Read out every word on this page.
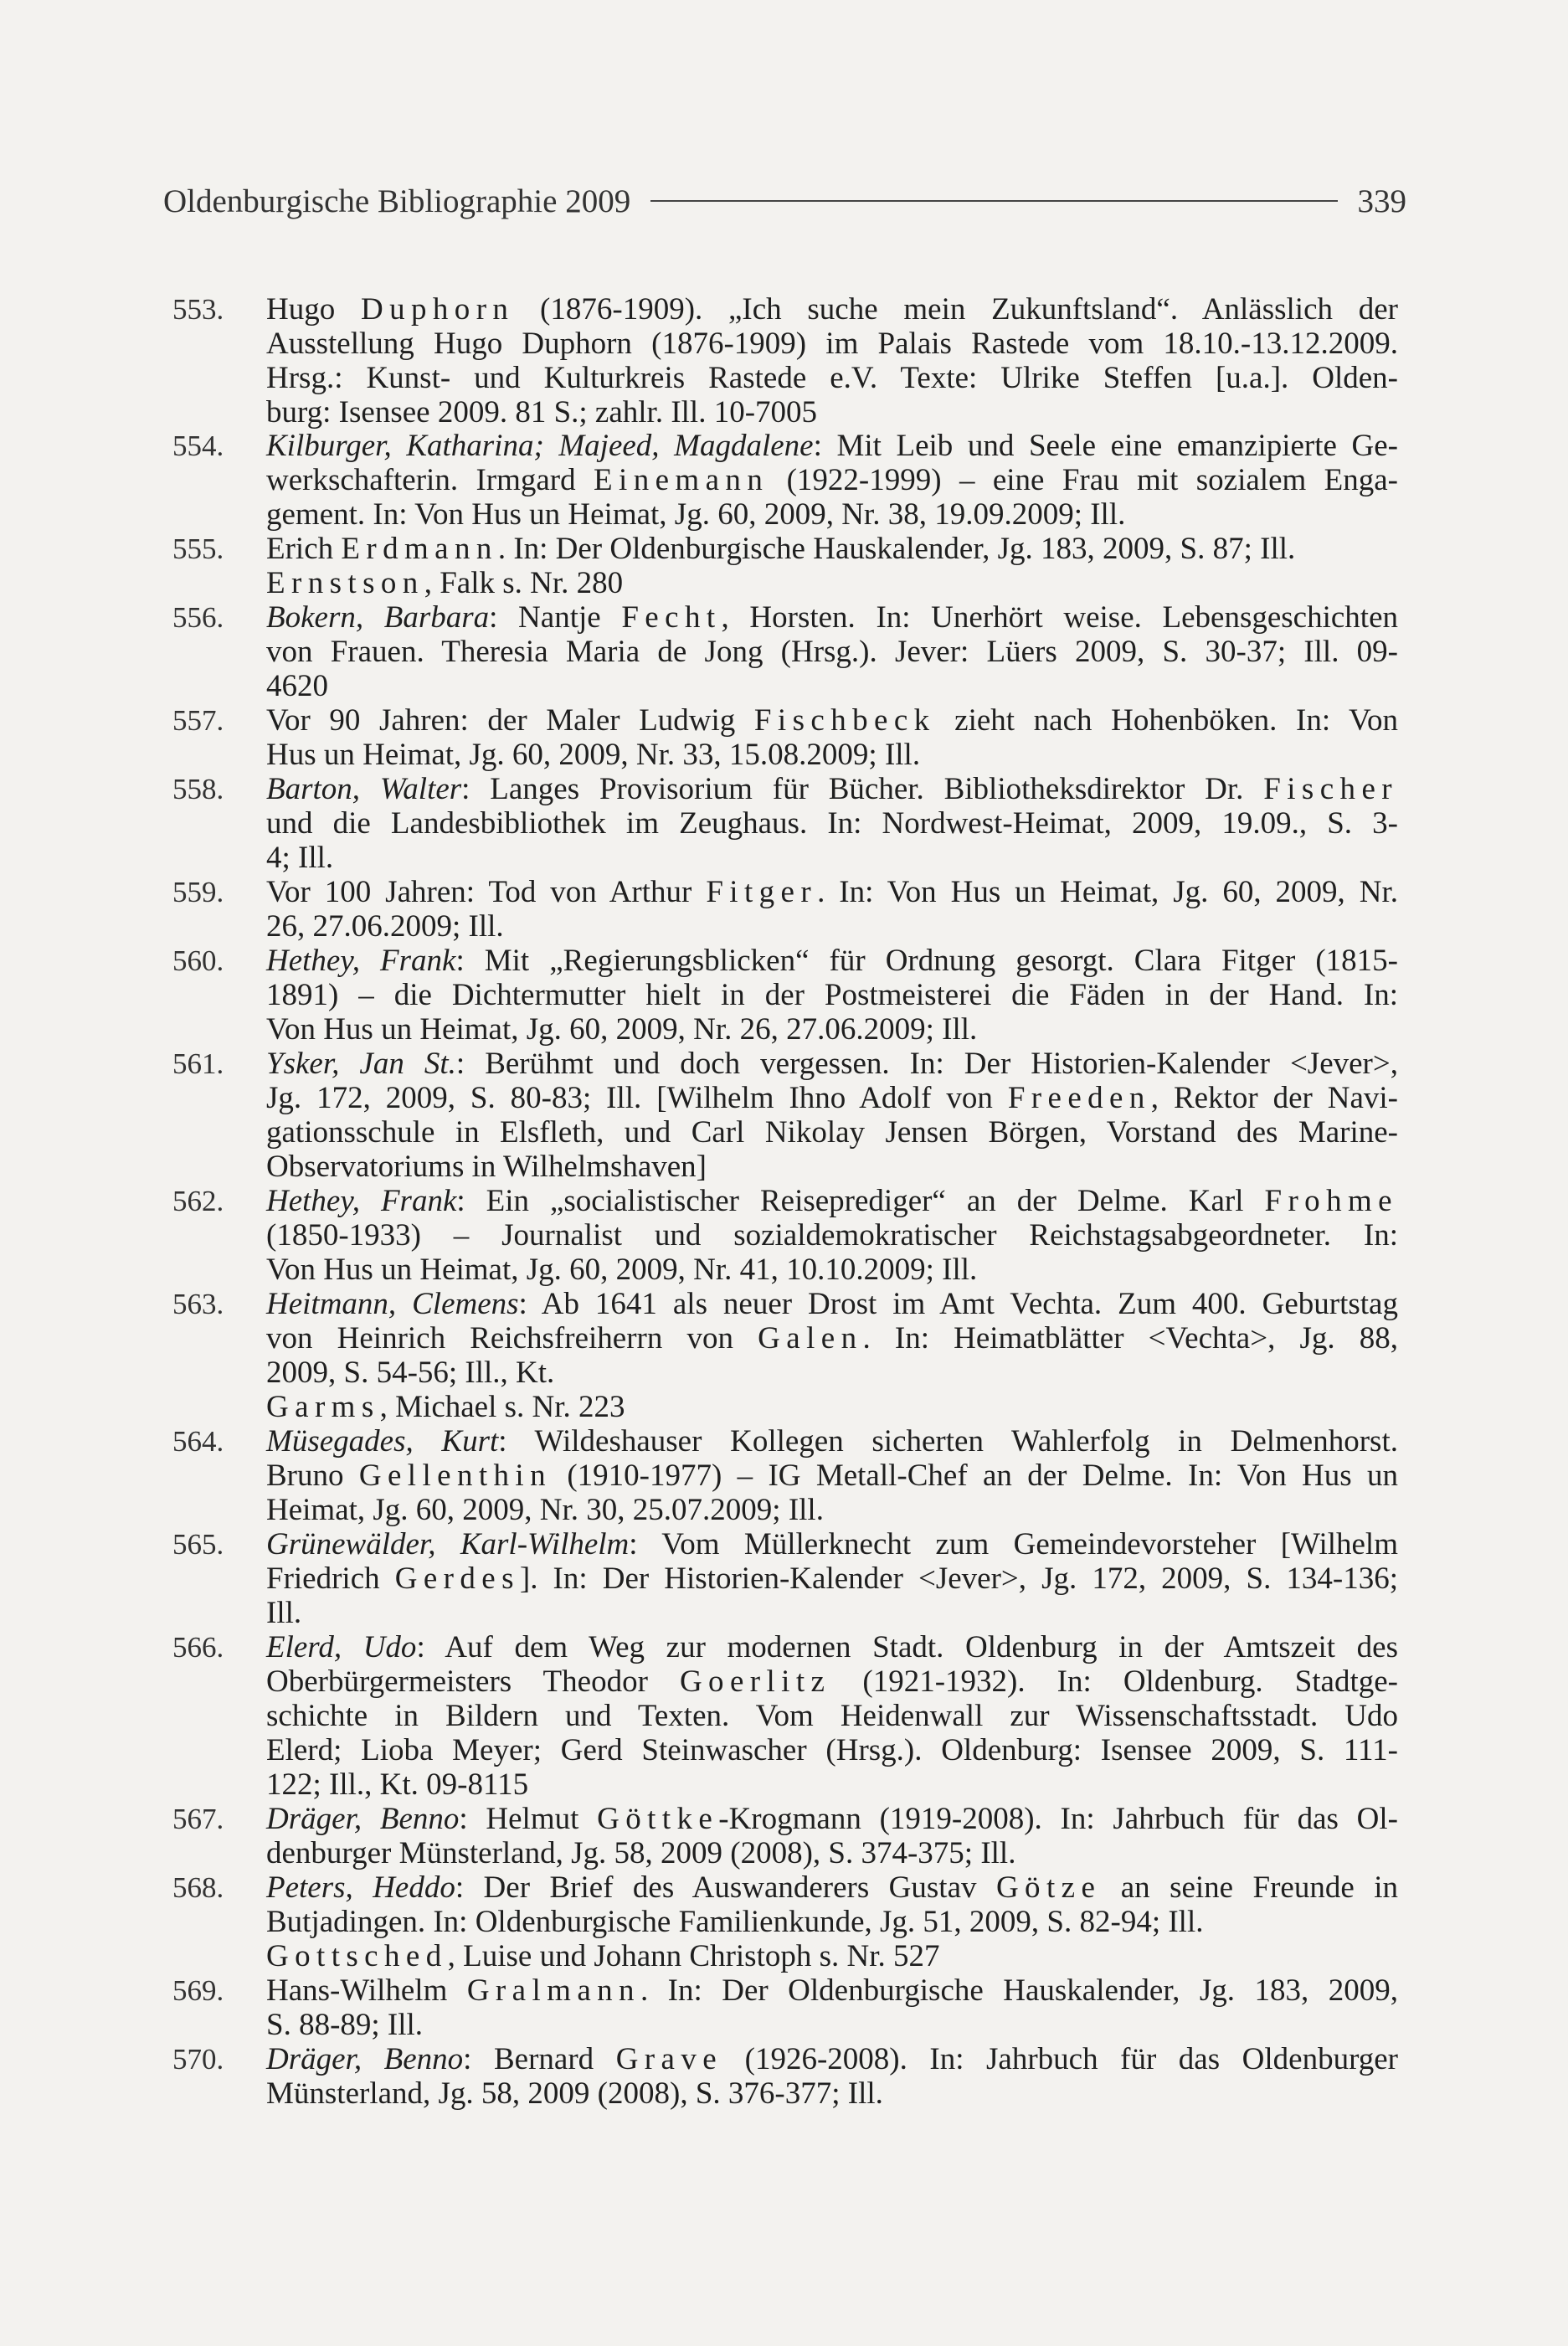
Oldenburgische Bibliographie 2009	339
553.	Hugo Duphorn (1876-1909). „Ich suche mein Zukunftsland“. Anlässlich der
Ausstellung Hugo Duphorn (1876-1909) im Palais Rastede vom 18.10.-13.12.2009.
Hrsg.: Kunst- und Kulturkreis Rastede e.V. Texte: Ulrike Steffen [u.a.]. Olden-
burg: Isensee 2009. 81 S.; zahlr. Ill. 10-7005
554.	Kilburger, Katharina; Majeed, Magdalene: Mit Leib und Seele eine emanzipierte Ge-
werkschafterin. Irmgard Einemann (1922-1999) – eine Frau mit sozialem Enga-
gement. In: Von Hus un Heimat, Jg. 60, 2009, Nr. 38, 19.09.2009; Ill.
555.	Erich Erdmann. In: Der Oldenburgische Hauskalender, Jg. 183, 2009, S. 87; Ill.
Ernstson, Falk s. Nr. 280
556.	Bokern, Barbara: Nantje Fecht, Horsten. In: Unerhört weise. Lebensgeschichten
von Frauen. Theresia Maria de Jong (Hrsg.). Jever: Lüers 2009, S. 30-37; Ill. 09-
4620
557.	Vor 90 Jahren: der Maler Ludwig Fischbeck zieht nach Hohenböken. In: Von
Hus un Heimat, Jg. 60, 2009, Nr. 33, 15.08.2009; Ill.
558.	Barton, Walter: Langes Provisorium für Bücher. Bibliotheksdirektor Dr. Fischer
und die Landesbibliothek im Zeughaus. In: Nordwest-Heimat, 2009, 19.09., S. 3-
4; Ill.
559.	Vor 100 Jahren: Tod von Arthur Fitger. In: Von Hus un Heimat, Jg. 60, 2009, Nr.
26, 27.06.2009; Ill.
560.	Hethey, Frank: Mit „Regierungsblicken“ für Ordnung gesorgt. Clara Fitger (1815-
1891) – die Dichtermutter hielt in der Postmeisterei die Fäden in der Hand. In:
Von Hus un Heimat, Jg. 60, 2009, Nr. 26, 27.06.2009; Ill.
561.	Ysker, Jan St.: Berühmt und doch vergessen. In: Der Historien-Kalender <Jever>,
Jg. 172, 2009, S. 80-83; Ill. [Wilhelm Ihno Adolf von Freeden, Rektor der Navi-
gationsschule in Elsfleth, und Carl Nikolay Jensen Börgen, Vorstand des Marine-
Observatoriums in Wilhelmshaven]
562.	Hethey, Frank: Ein „socialistischer Reiseprediger“ an der Delme. Karl Frohme
(1850-1933) – Journalist und sozialdemokratischer Reichstagsabgeordneter. In:
Von Hus un Heimat, Jg. 60, 2009, Nr. 41, 10.10.2009; Ill.
563.	Heitmann, Clemens: Ab 1641 als neuer Drost im Amt Vechta. Zum 400. Geburtstag
von Heinrich Reichsfreiherrn von Galen. In: Heimatblätter <Vechta>, Jg. 88,
2009, S. 54-56; Ill., Kt.
Garms, Michael s. Nr. 223
564.	Müsegades, Kurt: Wildeshauser Kollegen sicherten Wahlerfolg in Delmenhorst.
Bruno Gellenthin (1910-1977) – IG Metall-Chef an der Delme. In: Von Hus un
Heimat, Jg. 60, 2009, Nr. 30, 25.07.2009; Ill.
565.	Grünewälder, Karl-Wilhelm: Vom Müllerknecht zum Gemeindevorsteher [Wilhelm
Friedrich Gerdes]. In: Der Historien-Kalender <Jever>, Jg. 172, 2009, S. 134-136;
Ill.
566.	Elerd, Udo: Auf dem Weg zur modernen Stadt. Oldenburg in der Amtszeit des
Oberbürgermeisters Theodor Goerlitz (1921-1932). In: Oldenburg. Stadtge-
schichte in Bildern und Texten. Vom Heidenwall zur Wissenschaftsstadt. Udo
Elerd; Lioba Meyer; Gerd Steinwascher (Hrsg.). Oldenburg: Isensee 2009, S. 111-
122; Ill., Kt. 09-8115
567.	Dräger, Benno: Helmut Göttke-Krogmann (1919-2008). In: Jahrbuch für das Ol-
denburger Münsterland, Jg. 58, 2009 (2008), S. 374-375; Ill.
568.	Peters, Heddo: Der Brief des Auswanderers Gustav Götze an seine Freunde in
Butjadingen. In: Oldenburgische Familienkunde, Jg. 51, 2009, S. 82-94; Ill.
Gottsched, Luise und Johann Christoph s. Nr. 527
569.	Hans-Wilhelm Gralmann. In: Der Oldenburgische Hauskalender, Jg. 183, 2009,
S. 88-89; Ill.
570.	Dräger, Benno: Bernard Grave (1926-2008). In: Jahrbuch für das Oldenburger
Münsterland, Jg. 58, 2009 (2008), S. 376-377; Ill.
